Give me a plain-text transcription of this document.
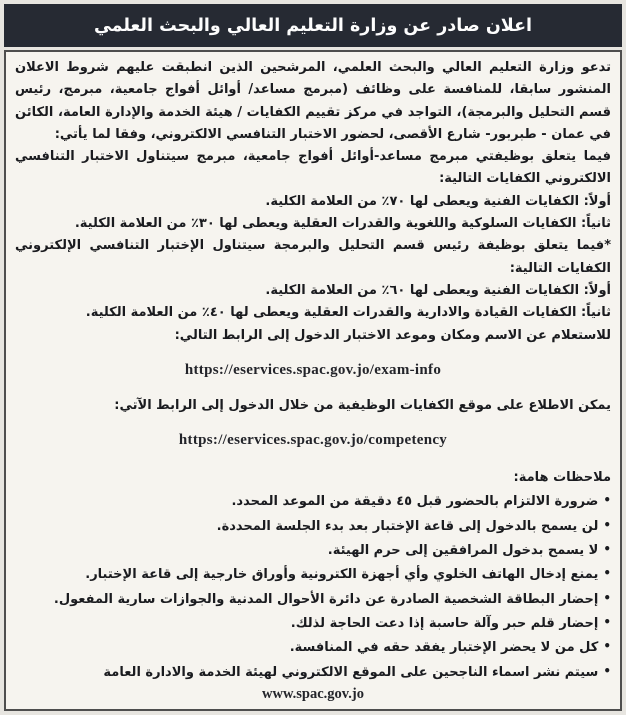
اعلان صادر عن وزارة التعليم العالي والبحث العلمي

تدعو وزارة التعليم العالي والبحث العلمي، المرشحين الذين انطبقت عليهم شروط الاعلان المنشور سابقا، للمنافسة على وظائف (مبرمج مساعد/ أوائل أفواج جامعية، مبرمج، رئيس قسم التحليل والبرمجة)، التواجد في مركز تقييم الكفايات / هيئة الخدمة والإدارة العامة، الكائن في عمان - طبربور- شارع الأقصى، لحضور الاختبار التنافسي الالكتروني، وفقا لما يأتي:

فيما يتعلق بوظيفتي مبرمج مساعد-أوائل أفواج جامعية، مبرمج سيتناول الاختبار التنافسي الالكتروني الكفايات التالية:

أولاً: الكفايات الفنية ويعطى لها ٧٠٪ من العلامة الكلية.

ثانياً: الكفايات السلوكية واللغوية والقدرات العقلية ويعطى لها ٣٠٪ من العلامة الكلية.

*فيما يتعلق بوظيفة رئيس قسم التحليل والبرمجة سيتناول الإختبار التنافسي الإلكتروني الكفايات التالية:

أولاً: الكفايات الفنية ويعطى لها ٦٠٪ من العلامة الكلية.

ثانياً: الكفايات القيادة والادارية والقدرات العقلية ويعطى لها ٤٠٪ من العلامة الكلية.

للاستعلام عن الاسم ومكان وموعد الاختبار الدخول إلى الرابط التالي:

https://eservices.spac.gov.jo/exam-info

يمكن الاطلاع على موقع الكفايات الوظيفية من خلال الدخول إلى الرابط الآتي:

https://eservices.spac.gov.jo/competency

ملاحظات هامة:

•ضرورة الالتزام بالحضور قبل ٤٥ دقيقة من الموعد المحدد.
•لن يسمح بالدخول إلى قاعة الإختبار بعد بدء الجلسة المحددة.
•لا يسمح بدخول المرافقين إلى حرم الهيئة.
•يمنع إدخال الهاتف الخلوي وأي أجهزة الكترونية وأوراق خارجية إلى قاعة الإختبار.
•إحضار البطاقة الشخصية الصادرة عن دائرة الأحوال المدنية والجوازات سارية المفعول.
•إحضار قلم حبر وآلة حاسبة إذا دعت الحاجة لذلك.
•كل من لا يحضر الإختبار يفقد حقه في المنافسة.
•سيتم نشر اسماء الناجحين على الموقع الالكتروني لهيئة الخدمة والادارة العامة
www.spac.gov.jo
